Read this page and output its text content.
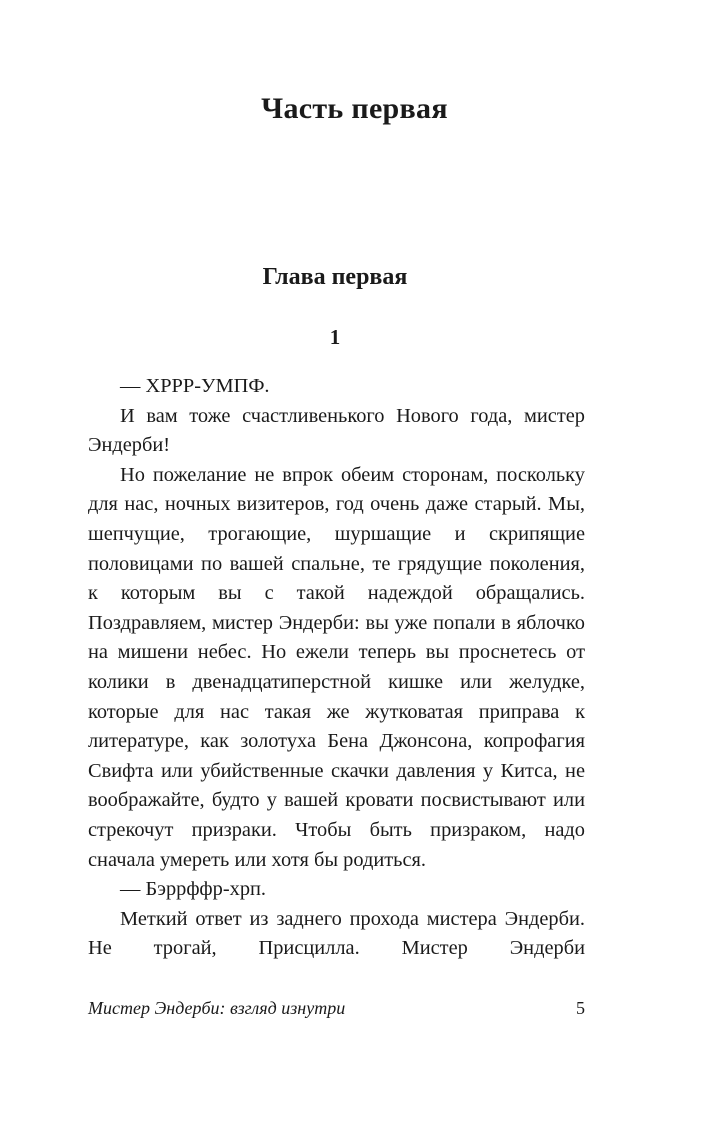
Часть первая
Глава первая
1

— ХРРР-УМПФ.

И вам тоже счастливенького Нового года, мистер Эндерби!

Но пожелание не впрок обеим сторонам, поскольку для нас, ночных визитеров, год очень даже старый. Мы, шепчущие, трогающие, шуршащие и скрипящие половицами по вашей спальне, те грядущие поколения, к которым вы с такой надеждой обращались. Поздравляем, мистер Эндерби: вы уже попали в яблочко на мишени небес. Но ежели теперь вы проснетесь от колики в двенадцатиперстной кишке или желудке, которые для нас такая же жутковатая приправа к литературе, как золотуха Бена Джонсона, копрофагия Свифта или убийственные скачки давления у Китса, не воображайте, будто у вашей кровати посвистывают или стрекочут призраки. Чтобы быть призраком, надо сначала умереть или хотя бы родиться.

— Бэррффр-хрп.

Меткий ответ из заднего прохода мистера Эндерби. Не трогай, Присцилла. Мистер Эндерби

Мистер Эндерби: взгляд изнутри	5
